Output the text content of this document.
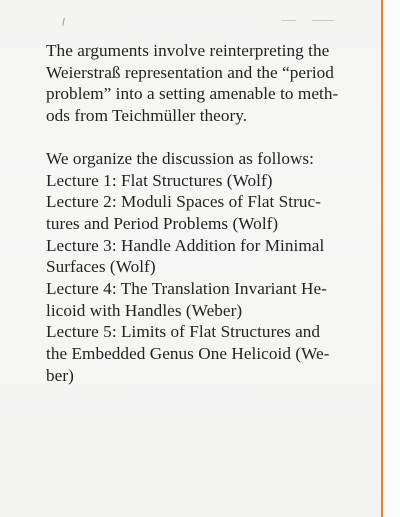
The arguments involve reinterpreting the
Weierstraß representation and the “period
problem” into a setting amenable to meth-
ods from Teichmüller theory.

We organize the discussion as follows:
Lecture 1: Flat Structures (Wolf)
Lecture 2: Moduli Spaces of Flat Struc-
tures and Period Problems (Wolf)
Lecture 3: Handle Addition for Minimal
Surfaces (Wolf)
Lecture 4: The Translation Invariant He-
licoid with Handles (Weber)
Lecture 5: Limits of Flat Structures and
the Embedded Genus One Helicoid (We-
ber)
